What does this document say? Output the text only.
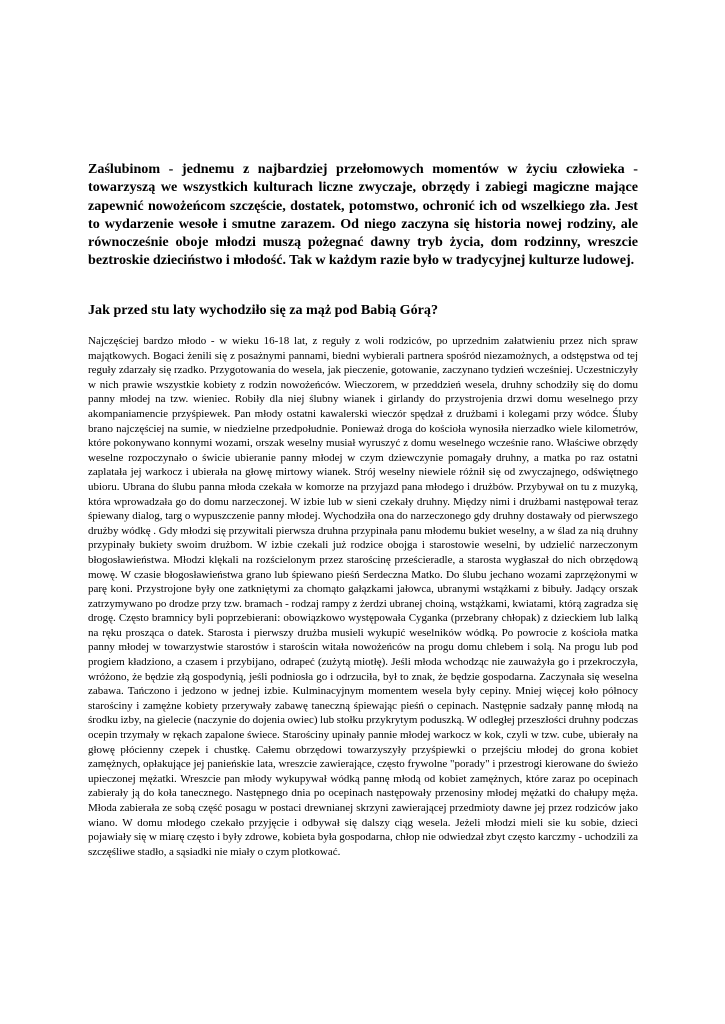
Zaślubinom - jednemu z najbardziej przełomowych momentów w życiu człowieka - towarzyszą we wszystkich kulturach liczne zwyczaje, obrzędy i zabiegi magiczne mające zapewnić nowożeńcom szczęście, dostatek, potomstwo, ochronić ich od wszelkiego zła. Jest to wydarzenie wesołe i smutne zarazem. Od niego zaczyna się historia nowej rodziny, ale równocześnie oboje młodzi muszą pożegnać dawny tryb życia, dom rodzinny, wreszcie beztroskie dzieciństwo i młodość. Tak w każdym razie było w tradycyjnej kulturze ludowej.

Jak przed stu laty wychodziło się za mąż pod Babią Górą?

Najczęściej bardzo młodo - w wieku 16-18 lat, z reguły z woli rodziców, po uprzednim załatwieniu przez nich spraw majątkowych. Bogaci żenili się z posażnymi pannami, biedni wybierali partnera spośród niezamożnych, a odstępstwa od tej reguły zdarzały się rzadko. Przygotowania do wesela, jak pieczenie, gotowanie, zaczynano tydzień wcześniej. Uczestniczyły w nich prawie wszystkie kobiety z rodzin nowożeńców. Wieczorem, w przeddzień wesela, druhny schodziły się do domu panny młodej na tzw. wieniec. Robiły dla niej ślubny wianek i girlandy do przystrojenia drzwi domu weselnego przy akompaniamencie przyśpiewek. Pan młody ostatni kawalerski wieczór spędzał z drużbami i kolegami przy wódce. Śluby brano najczęściej na sumie, w niedzielne przedpołudnie. Ponieważ droga do kościoła wynosiła nierzadko wiele kilometrów, które pokonywano konnymi wozami, orszak weselny musiał wyruszyć z domu weselnego wcześnie rano. Właściwe obrzędy weselne rozpoczynało o świcie ubieranie panny młodej w czym dziewczynie pomagały druhny, a matka po raz ostatni zaplatała jej warkocz i ubierała na głowę mirtowy wianek. Strój weselny niewiele różnił się od zwyczajnego, odświętnego ubioru. Ubrana do ślubu panna młoda czekała w komorze na przyjazd pana młodego i drużbów. Przybywał on tu z muzyką, która wprowadzała go do domu narzeczonej. W izbie lub w sieni czekały druhny. Między nimi i drużbami następował teraz śpiewany dialog, targ o wypuszczenie panny młodej. Wychodziła ona do narzeczonego gdy druhny dostawały od pierwszego drużby wódkę . Gdy młodzi się przywitali pierwsza druhna przypinała panu młodemu bukiet weselny, a w ślad za nią druhny przypinały bukiety swoim drużbom. W izbie czekali już rodzice obojga i starostowie weselni, by udzielić narzeczonym błogosławieństwa. Młodzi klękali na rozścielonym przez starościnę prześcieradle, a starosta wygłaszał do nich obrzędową mowę. W czasie błogosławieństwa grano lub śpiewano pieśń Serdeczna Matko. Do ślubu jechano wozami zaprzężonymi w parę koni. Przystrojone były one zatkniętymi za chomąto gałązkami jałowca, ubranymi wstążkami z bibuły. Jadący orszak zatrzymywano po drodze przy tzw. bramach - rodzaj rampy z żerdzi ubranej choiną, wstążkami, kwiatami, którą zagradza się drogę. Często bramnicy byli poprzebierani: obowiązkowo występowała Cyganka (przebrany chłopak) z dzieckiem lub lalką na ręku prosząca o datek. Starosta i pierwszy drużba musieli wykupić weselników wódką. Po powrocie z kościoła matka panny młodej w towarzystwie starostów i starościn witała nowożeńców na progu domu chlebem i solą. Na progu lub pod progiem kładziono, a czasem i przybijano, odrapeć (zużytą miotłę). Jeśli młoda wchodząc nie zauważyła go i przekroczyła, wróżono, że będzie złą gospodynią, jeśli podniosła go i odrzuciła, był to znak, że będzie gospodarna. Zaczynała się weselna zabawa. Tańczono i jedzono w jednej izbie. Kulminacyjnym momentem wesela były cepiny. Mniej więcej koło północy starościny i zamężne kobiety przerywały zabawę taneczną śpiewając pieśń o cepinach. Następnie sadzały pannę młodą na środku izby, na gielecie (naczynie do dojenia owiec) lub stołku przykrytym poduszką. W odległej przeszłości druhny podczas ocepin trzymały w rękach zapalone świece. Starościny upinały pannie młodej warkocz w kok, czyli w tzw. cube, ubierały na głowę płócienny czepek i chustkę. Całemu obrzędowi towarzyszyły przyśpiewki o przejściu młodej do grona kobiet zamężnych, opłakujące jej panieńskie lata, wreszcie zawierające, często frywolne "porady" i przestrogi kierowane do świeżo upieczonej mężatki. Wreszcie pan młody wykupywał wódką pannę młodą od kobiet zamężnych, które zaraz po ocepinach zabierały ją do koła tanecznego. Następnego dnia po ocepinach następowały przenosiny młodej mężatki do chałupy męża. Młoda zabierała ze sobą część posagu w postaci drewnianej skrzyni zawierającej przedmioty dawne jej przez rodziców jako wiano. W domu młodego czekało przyjęcie i odbywał się dalszy ciąg wesela. Jeżeli młodzi mieli sie ku sobie, dzieci pojawiały się w miarę często i były zdrowe, kobieta była gospodarna, chłop nie odwiedzał zbyt często karczmy - uchodzili za szczęśliwe stadło, a sąsiadki nie miały o czym plotkować.
